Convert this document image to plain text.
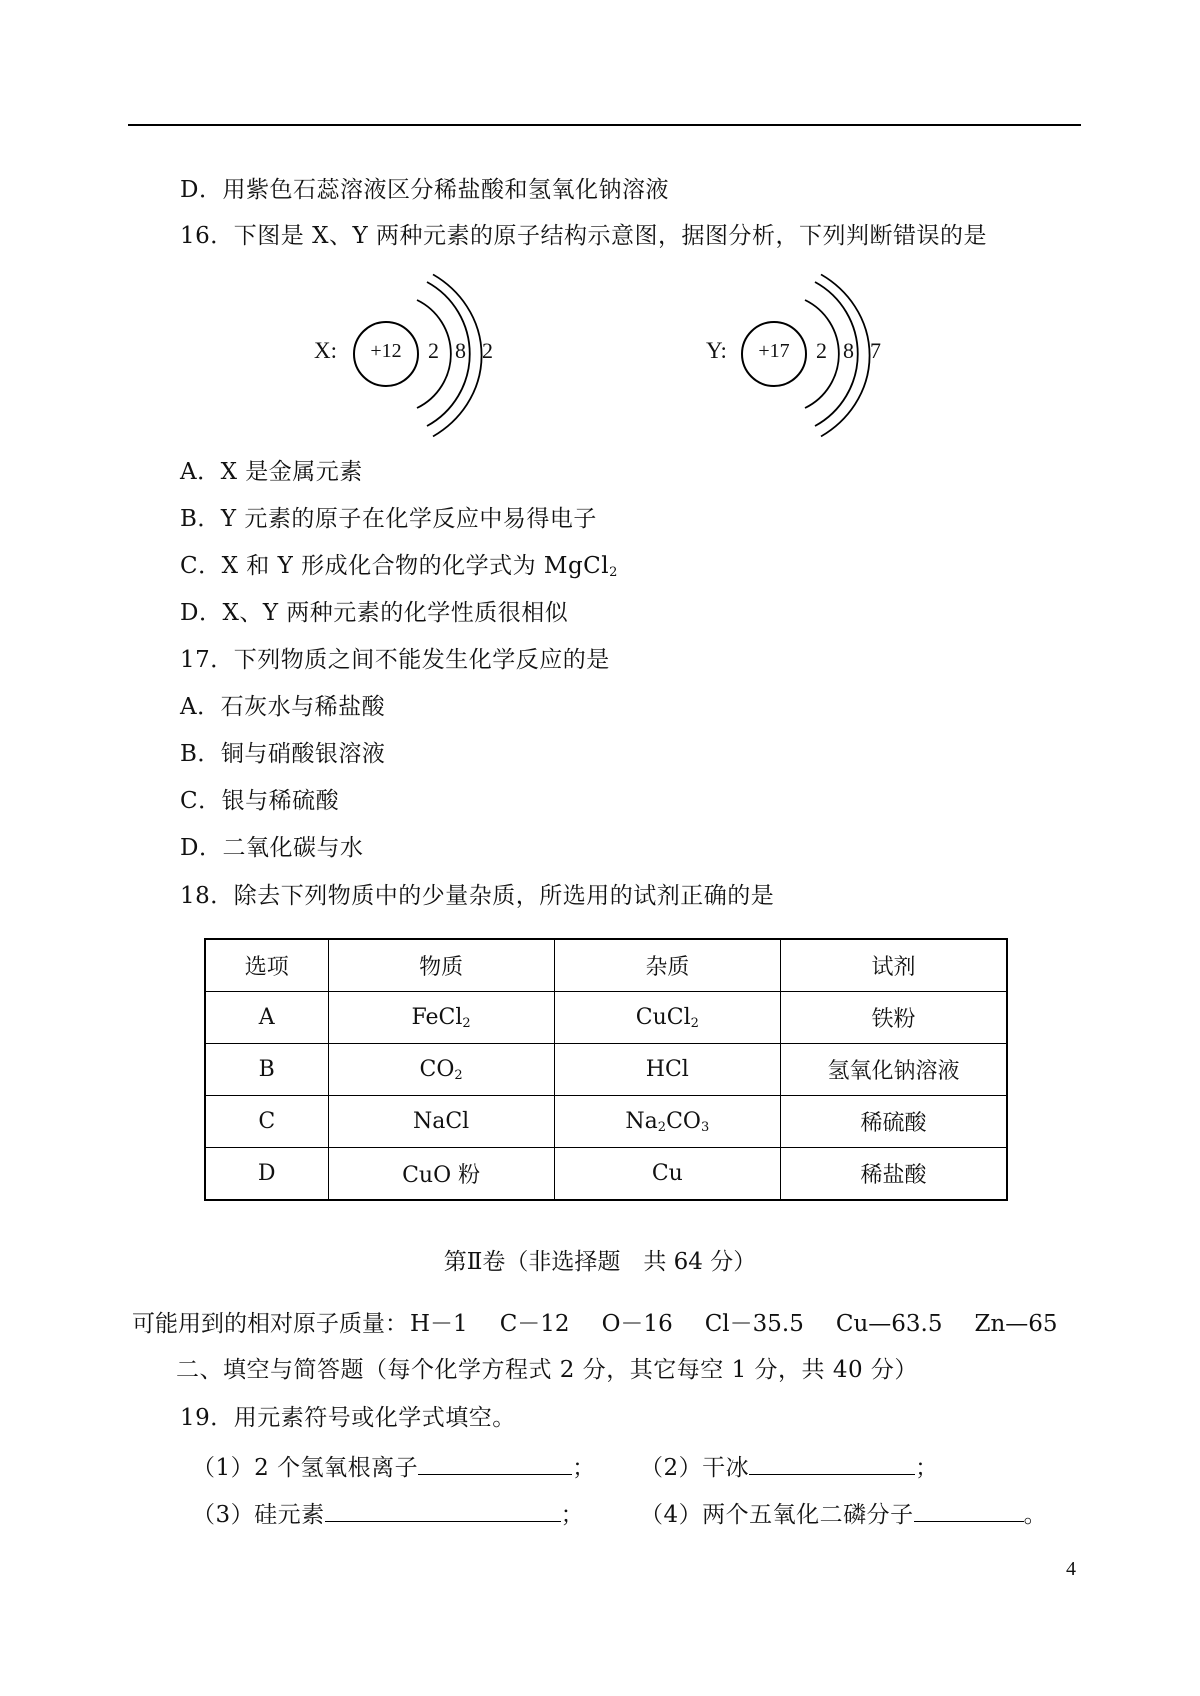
D．用紫色石蕊溶液区分稀盐酸和氢氧化钠溶液
16．下图是 X、Y 两种元素的原子结构示意图，据图分析，下列判断错误的是
X:	+12	2 8 2	Y:	+17	2 8 7
A．X 是金属元素
B．Y 元素的原子在化学反应中易得电子
C．X 和 Y 形成化合物的化学式为 MgCl$_2$
D．X、Y 两种元素的化学性质很相似
17．下列物质之间不能发生化学反应的是
A．石灰水与稀盐酸
B．铜与硝酸银溶液
C．银与稀硫酸
D．二氧化碳与水
18．除去下列物质中的少量杂质，所选用的试剂正确的是
选项	物质	杂质	试剂
A	FeCl$_2$	CuCl$_2$	铁粉
B	$CO_2$	HCl	氢氧化钠溶液
C	NaCl	$Na_2CO_3$	稀硫酸
D	CuO 粉	Cu	稀盐酸
第Ⅱ卷（非选择题　共 64 分）
可能用到的相对原子质量：H－1 C－12 O－16 Cl－35.5 Cu—63.5 Zn—65
二、填空与简答题（每个化学方程式 2 分，其它每空 1 分，共 40 分）
19．用元素符号或化学式填空。
（1）2 个氢氧根离子	； （2）干冰	；
（3）硅元素	； （4）两个五氧化二磷分子	。
4
